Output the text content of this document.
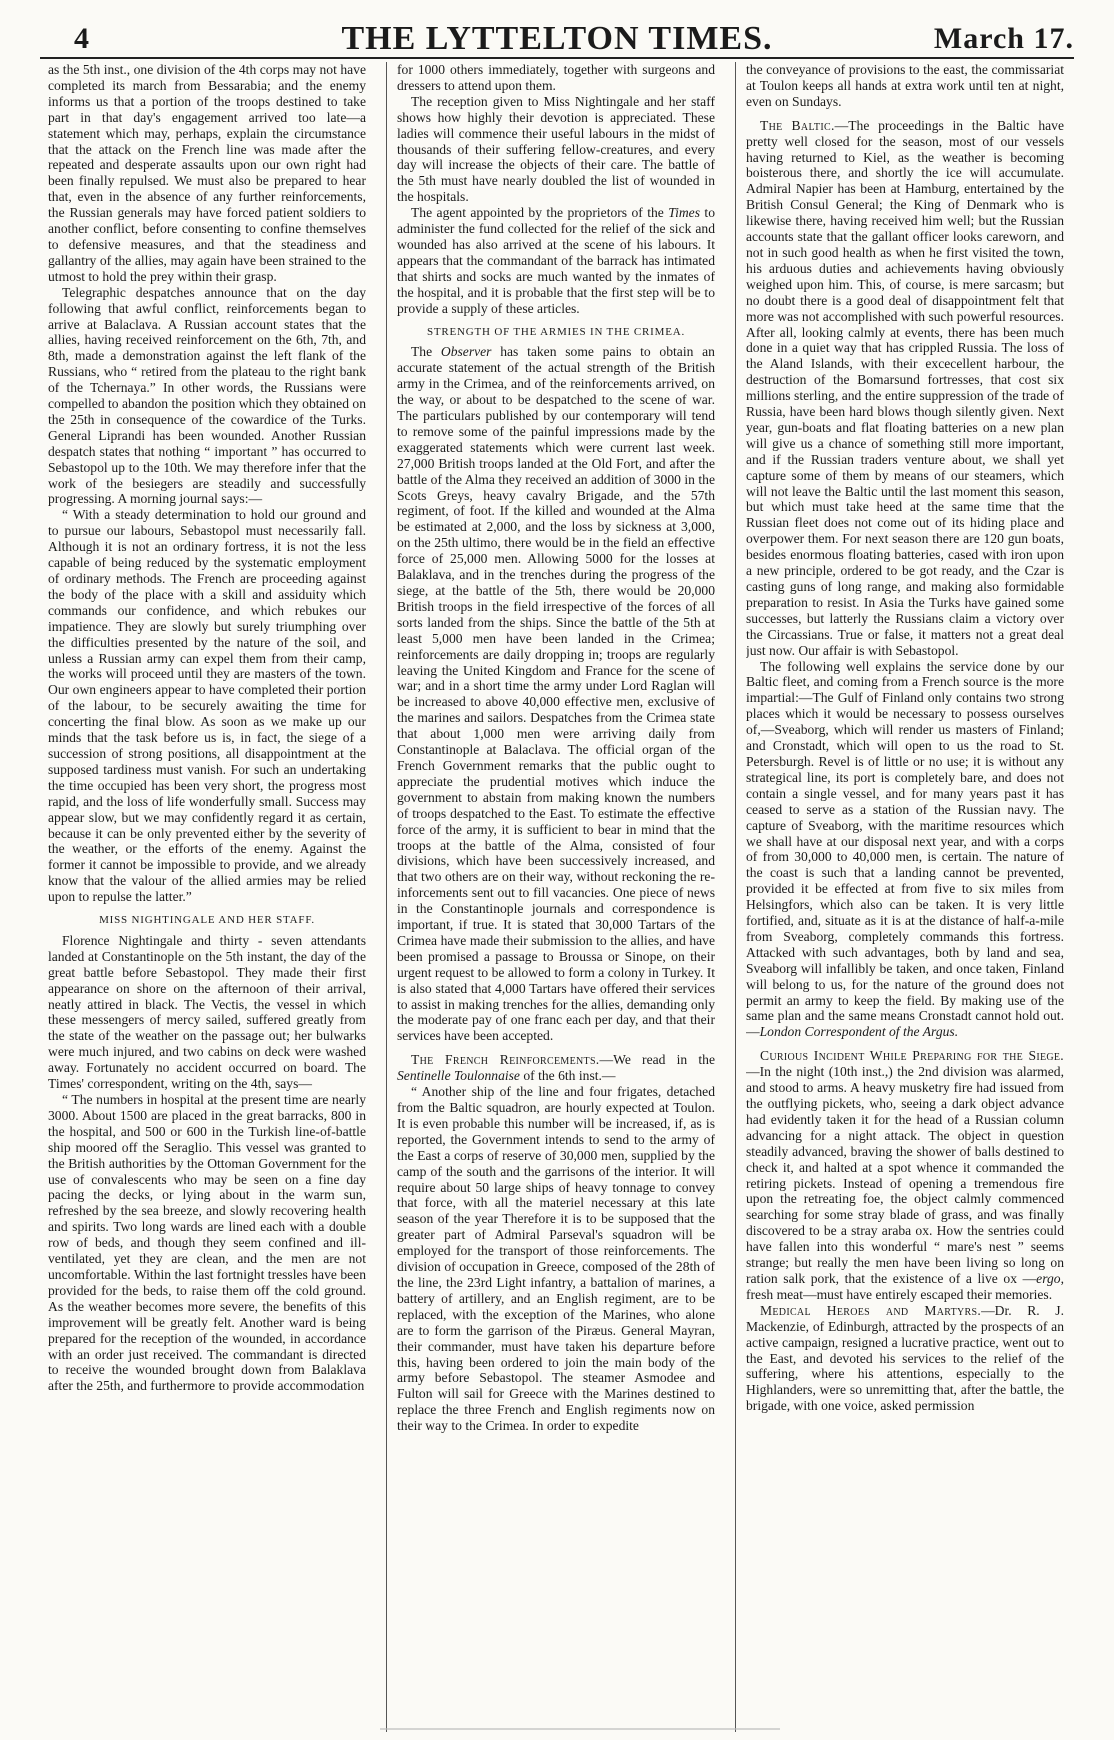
4	THE LYTTELTON TIMES.	March 17.

as the 5th inst., one division of the 4th corps may not have completed its march from Bessarabia; and the enemy informs us that a portion of the troops destined to take part in that day's engagement arrived too late—a statement which may, perhaps, explain the circumstance that the attack on the French line was made after the repeated and desperate assaults upon our own right had been finally repulsed. We must also be prepared to hear that, even in the absence of any further reinforcements, the Russian generals may have forced patient soldiers to another conflict, before consenting to confine themselves to defensive measures, and that the steadiness and gallantry of the allies, may again have been strained to the utmost to hold the prey within their grasp.

Telegraphic despatches announce that on the day following that awful conflict, reinforcements began to arrive at Balaclava. A Russian account states that the allies, having received reinforcement on the 6th, 7th, and 8th, made a demonstration against the left flank of the Russians, who “ retired from the plateau to the right bank of the Tchernaya.” In other words, the Russians were compelled to abandon the position which they obtained on the 25th in consequence of the cowardice of the Turks. General Liprandi has been wounded. Another Russian despatch states that nothing “ important ” has occurred to Sebastopol up to the 10th. We may therefore infer that the work of the besiegers are steadily and successfully progressing. A morning journal says:—

“ With a steady determination to hold our ground and to pursue our labours, Sebastopol must necessarily fall. Although it is not an ordinary fortress, it is not the less capable of being reduced by the systematic employment of ordinary methods. The French are proceeding against the body of the place with a skill and assiduity which commands our confidence, and which rebukes our impatience. They are slowly but surely triumphing over the difficulties presented by the nature of the soil, and unless a Russian army can expel them from their camp, the works will proceed until they are masters of the town. Our own engineers appear to have completed their portion of the labour, to be securely awaiting the time for concerting the final blow. As soon as we make up our minds that the task before us is, in fact, the siege of a succession of strong positions, all disappointment at the supposed tardiness must vanish. For such an undertaking the time occupied has been very short, the progress most rapid, and the loss of life wonderfully small. Success may appear slow, but we may confidently regard it as certain, because it can be only prevented either by the severity of the weather, or the efforts of the enemy. Against the former it cannot be impossible to provide, and we already know that the valour of the allied armies may be relied upon to repulse the latter.”

MISS NIGHTINGALE AND HER STAFF.

Florence Nightingale and thirty - seven attendants landed at Constantinople on the 5th instant, the day of the great battle before Sebastopol. They made their first appearance on shore on the afternoon of their arrival, neatly attired in black. The Vectis, the vessel in which these messengers of mercy sailed, suffered greatly from the state of the weather on the passage out; her bulwarks were much injured, and two cabins on deck were washed away. Fortunately no accident occurred on board. The Times' correspondent, writing on the 4th, says—

“ The numbers in hospital at the present time are nearly 3000. About 1500 are placed in the great barracks, 800 in the hospital, and 500 or 600 in the Turkish line-of-battle ship moored off the Seraglio. This vessel was granted to the British authorities by the Ottoman Government for the use of convalescents who may be seen on a fine day pacing the decks, or lying about in the warm sun, refreshed by the sea breeze, and slowly recovering health and spirits. Two long wards are lined each with a double row of beds, and though they seem confined and ill-ventilated, yet they are clean, and the men are not uncomfortable. Within the last fortnight tressles have been provided for the beds, to raise them off the cold ground. As the weather becomes more severe, the benefits of this improvement will be greatly felt. Another ward is being prepared for the reception of the wounded, in accordance with an order just received. The commandant is directed to receive the wounded brought down from Balaklava after the 25th, and furthermore to provide accommodation

for 1000 others immediately, together with surgeons and dressers to attend upon them.

The reception given to Miss Nightingale and her staff shows how highly their devotion is appreciated. These ladies will commence their useful labours in the midst of thousands of their suffering fellow-creatures, and every day will increase the objects of their care. The battle of the 5th must have nearly doubled the list of wounded in the hospitals.

The agent appointed by the proprietors of the Times to administer the fund collected for the relief of the sick and wounded has also arrived at the scene of his labours. It appears that the commandant of the barrack has intimated that shirts and socks are much wanted by the inmates of the hospital, and it is probable that the first step will be to provide a supply of these articles.

STRENGTH OF THE ARMIES IN THE CRIMEA.

The Observer has taken some pains to obtain an accurate statement of the actual strength of the British army in the Crimea, and of the reinforcements arrived, on the way, or about to be despatched to the scene of war. The particulars published by our contemporary will tend to remove some of the painful impressions made by the exaggerated statements which were current last week. 27,000 British troops landed at the Old Fort, and after the battle of the Alma they received an addition of 3000 in the Scots Greys, heavy cavalry Brigade, and the 57th regiment, of foot. If the killed and wounded at the Alma be estimated at 2,000, and the loss by sickness at 3,000, on the 25th ultimo, there would be in the field an effective force of 25,000 men. Allowing 5000 for the losses at Balaklava, and in the trenches during the progress of the siege, at the battle of the 5th, there would be 20,000 British troops in the field irrespective of the forces of all sorts landed from the ships. Since the battle of the 5th at least 5,000 men have been landed in the Crimea; reinforcements are daily dropping in; troops are regularly leaving the United Kingdom and France for the scene of war; and in a short time the army under Lord Raglan will be increased to above 40,000 effective men, exclusive of the marines and sailors. Despatches from the Crimea state that about 1,000 men were arriving daily from Constantinople at Balaclava. The official organ of the French Government remarks that the public ought to appreciate the prudential motives which induce the government to abstain from making known the numbers of troops despatched to the East. To estimate the effective force of the army, it is sufficient to bear in mind that the troops at the battle of the Alma, consisted of four divisions, which have been successively increased, and that two others are on their way, without reckoning the re-inforcements sent out to fill vacancies. One piece of news in the Constantinople journals and correspondence is important, if true. It is stated that 30,000 Tartars of the Crimea have made their submission to the allies, and have been promised a passage to Broussa or Sinope, on their urgent request to be allowed to form a colony in Turkey. It is also stated that 4,000 Tartars have offered their services to assist in making trenches for the allies, demanding only the moderate pay of one franc each per day, and that their services have been accepted.

The French Reinforcements.—We read in the Sentinelle Toulonnaise of the 6th inst.—

“ Another ship of the line and four frigates, detached from the Baltic squadron, are hourly expected at Toulon. It is even probable this number will be increased, if, as is reported, the Government intends to send to the army of the East a corps of reserve of 30,000 men, supplied by the camp of the south and the garrisons of the interior. It will require about 50 large ships of heavy tonnage to convey that force, with all the materiel necessary at this late season of the year Therefore it is to be supposed that the greater part of Admiral Parseval's squadron will be employed for the transport of those reinforcements. The division of occupation in Greece, composed of the 28th of the line, the 23rd Light infantry, a battalion of marines, a battery of artillery, and an English regiment, are to be replaced, with the exception of the Marines, who alone are to form the garrison of the Piræus. General Mayran, their commander, must have taken his departure before this, having been ordered to join the main body of the army before Sebastopol. The steamer Asmodee and Fulton will sail for Greece with the Marines destined to replace the three French and English regiments now on their way to the Crimea. In order to expedite

the conveyance of provisions to the east, the commissariat at Toulon keeps all hands at extra work until ten at night, even on Sundays.

The Baltic.—The proceedings in the Baltic have pretty well closed for the season, most of our vessels having returned to Kiel, as the weather is becoming boisterous there, and shortly the ice will accumulate. Admiral Napier has been at Hamburg, entertained by the British Consul General; the King of Denmark who is likewise there, having received him well; but the Russian accounts state that the gallant officer looks careworn, and not in such good health as when he first visited the town, his arduous duties and achievements having obviously weighed upon him. This, of course, is mere sarcasm; but no doubt there is a good deal of disappointment felt that more was not accomplished with such powerful resources. After all, looking calmly at events, there has been much done in a quiet way that has crippled Russia. The loss of the Aland Islands, with their excecellent harbour, the destruction of the Bomarsund fortresses, that cost six millions sterling, and the entire suppression of the trade of Russia, have been hard blows though silently given. Next year, gun-boats and flat floating batteries on a new plan will give us a chance of something still more important, and if the Russian traders venture about, we shall yet capture some of them by means of our steamers, which will not leave the Baltic until the last moment this season, but which must take heed at the same time that the Russian fleet does not come out of its hiding place and overpower them. For next season there are 120 gun boats, besides enormous floating batteries, cased with iron upon a new principle, ordered to be got ready, and the Czar is casting guns of long range, and making also formidable preparation to resist. In Asia the Turks have gained some successes, but latterly the Russians claim a victory over the Circassians. True or false, it matters not a great deal just now. Our affair is with Sebastopol.

The following well explains the service done by our Baltic fleet, and coming from a French source is the more impartial:—The Gulf of Finland only contains two strong places which it would be necessary to possess ourselves of,—Sveaborg, which will render us masters of Finland; and Cronstadt, which will open to us the road to St. Petersburgh. Revel is of little or no use; it is without any strategical line, its port is completely bare, and does not contain a single vessel, and for many years past it has ceased to serve as a station of the Russian navy. The capture of Sveaborg, with the maritime resources which we shall have at our disposal next year, and with a corps of from 30,000 to 40,000 men, is certain. The nature of the coast is such that a landing cannot be prevented, provided it be effected at from five to six miles from Helsingfors, which also can be taken. It is very little fortified, and, situate as it is at the distance of half-a-mile from Sveaborg, completely commands this fortress. Attacked with such advantages, both by land and sea, Sveaborg will infallibly be taken, and once taken, Finland will belong to us, for the nature of the ground does not permit an army to keep the field. By making use of the same plan and the same means Cronstadt cannot hold out.—London Correspondent of the Argus.

Curious Incident While Preparing for the Siege.—In the night (10th inst.,) the 2nd division was alarmed, and stood to arms. A heavy musketry fire had issued from the outflying pickets, who, seeing a dark object advance had evidently taken it for the head of a Russian column advancing for a night attack. The object in question steadily advanced, braving the shower of balls destined to check it, and halted at a spot whence it commanded the retiring pickets. Instead of opening a tremendous fire upon the retreating foe, the object calmly commenced searching for some stray blade of grass, and was finally discovered to be a stray araba ox. How the sentries could have fallen into this wonderful “ mare's nest ” seems strange; but really the men have been living so long on ration salk pork, that the existence of a live ox —ergo, fresh meat—must have entirely escaped their memories.

Medical Heroes and Martyrs.—Dr. R. J. Mackenzie, of Edinburgh, attracted by the prospects of an active campaign, resigned a lucrative practice, went out to the East, and devoted his services to the relief of the suffering, where his attentions, especially to the Highlanders, were so unremitting that, after the battle, the brigade, with one voice, asked permission
